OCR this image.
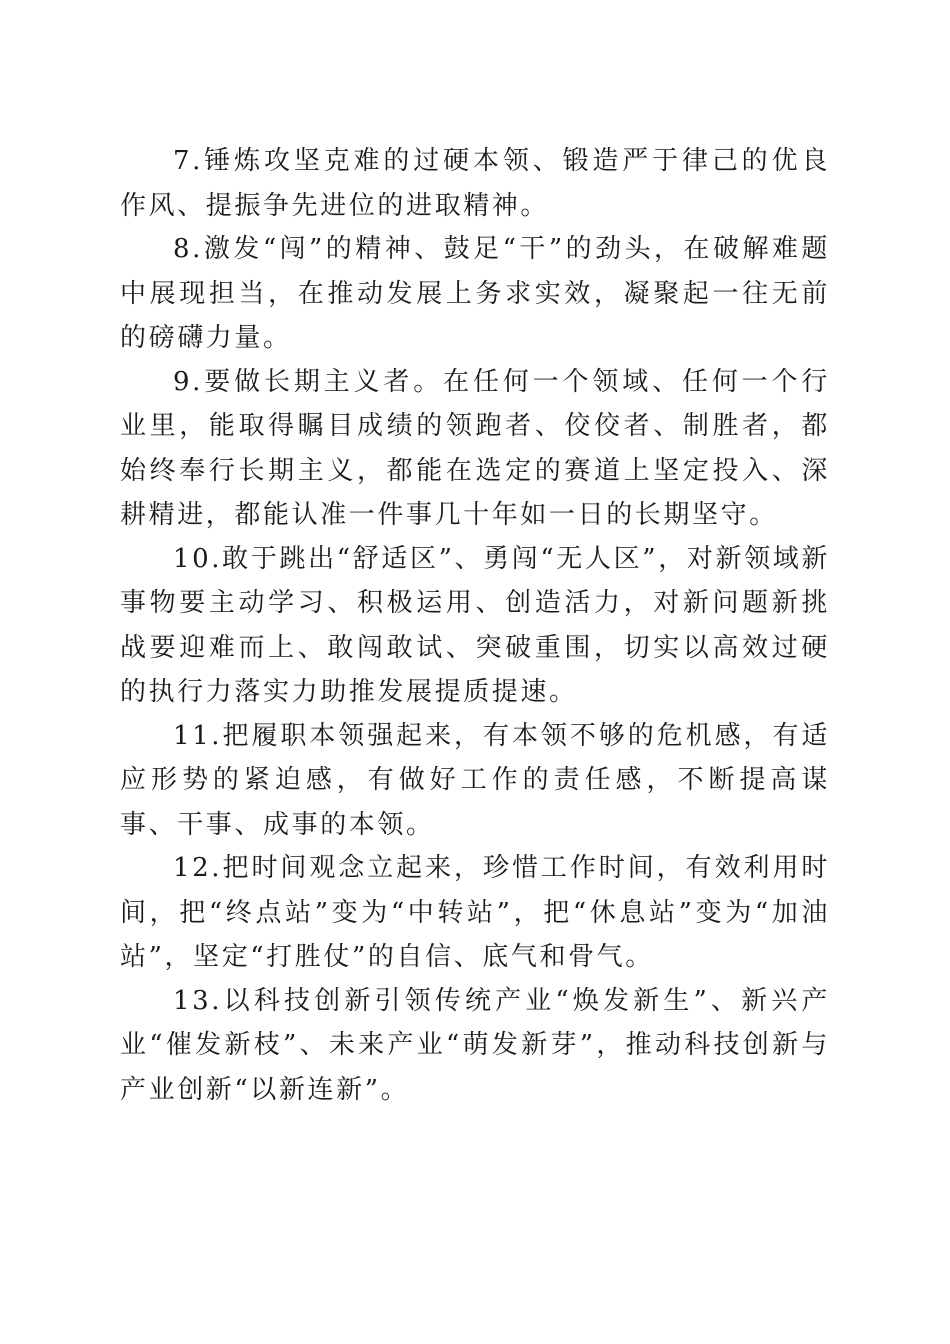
7.锤炼攻坚克难的过硬本领、锻造严于律己的优良作风、提振争先进位的进取精神。

8.激发“闯”的精神、鼓足“干”的劲头，在破解难题中展现担当，在推动发展上务求实效，凝聚起一往无前的磅礴力量。

9.要做长期主义者。在任何一个领域、任何一个行业里，能取得瞩目成绩的领跑者、佼佼者、制胜者，都始终奉行长期主义，都能在选定的赛道上坚定投入、深耕精进，都能认准一件事几十年如一日的长期坚守。

10.敢于跳出“舒适区”、勇闯“无人区”，对新领域新事物要主动学习、积极运用、创造活力，对新问题新挑战要迎难而上、敢闯敢试、突破重围，切实以高效过硬的执行力落实力助推发展提质提速。

11.把履职本领强起来，有本领不够的危机感，有适应形势的紧迫感，有做好工作的责任感，不断提高谋事、干事、成事的本领。

12.把时间观念立起来，珍惜工作时间，有效利用时间，把“终点站”变为“中转站”，把“休息站”变为“加油站”，坚定“打胜仗”的自信、底气和骨气。

13.以科技创新引领传统产业“焕发新生”、新兴产业“催发新枝”、未来产业“萌发新芽”，推动科技创新与产业创新“以新连新”。
